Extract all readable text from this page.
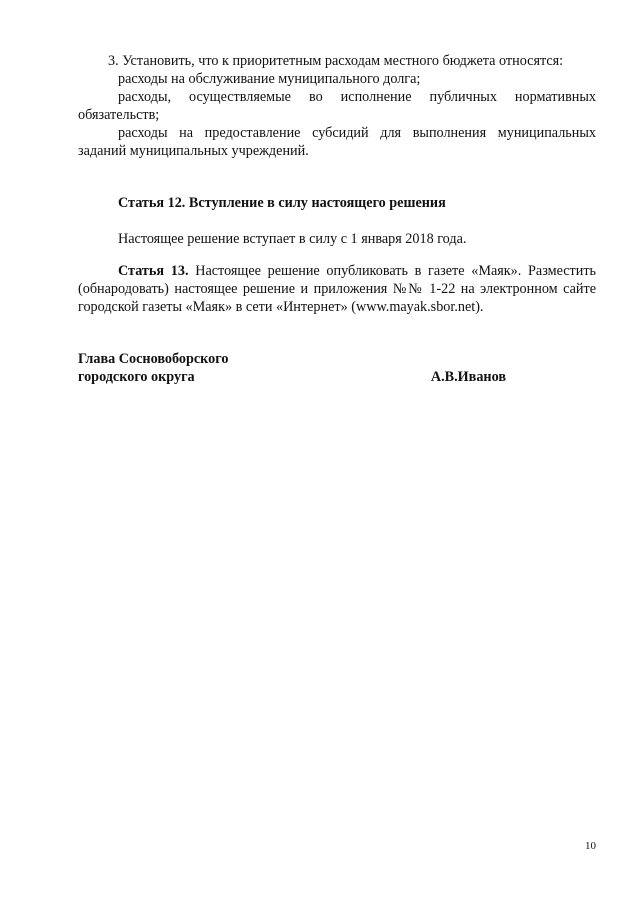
3. Установить, что к приоритетным расходам местного бюджета относятся:

расходы на обслуживание муниципального долга;

расходы, осуществляемые во исполнение публичных нормативных обязательств;

расходы на предоставление субсидий для выполнения муниципальных заданий муниципальных учреждений.

Статья 12. Вступление в силу настоящего решения

Настоящее решение вступает в силу с 1 января 2018 года.

Статья 13. Настоящее решение опубликовать в газете «Маяк». Разместить (обнародовать) настоящее решение и приложения №№ 1-22 на электронном сайте городской газеты «Маяк» в сети «Интернет» (www.mayak.sbor.net).

Глава Сосновоборского
городского округа	А.В.Иванов
10
